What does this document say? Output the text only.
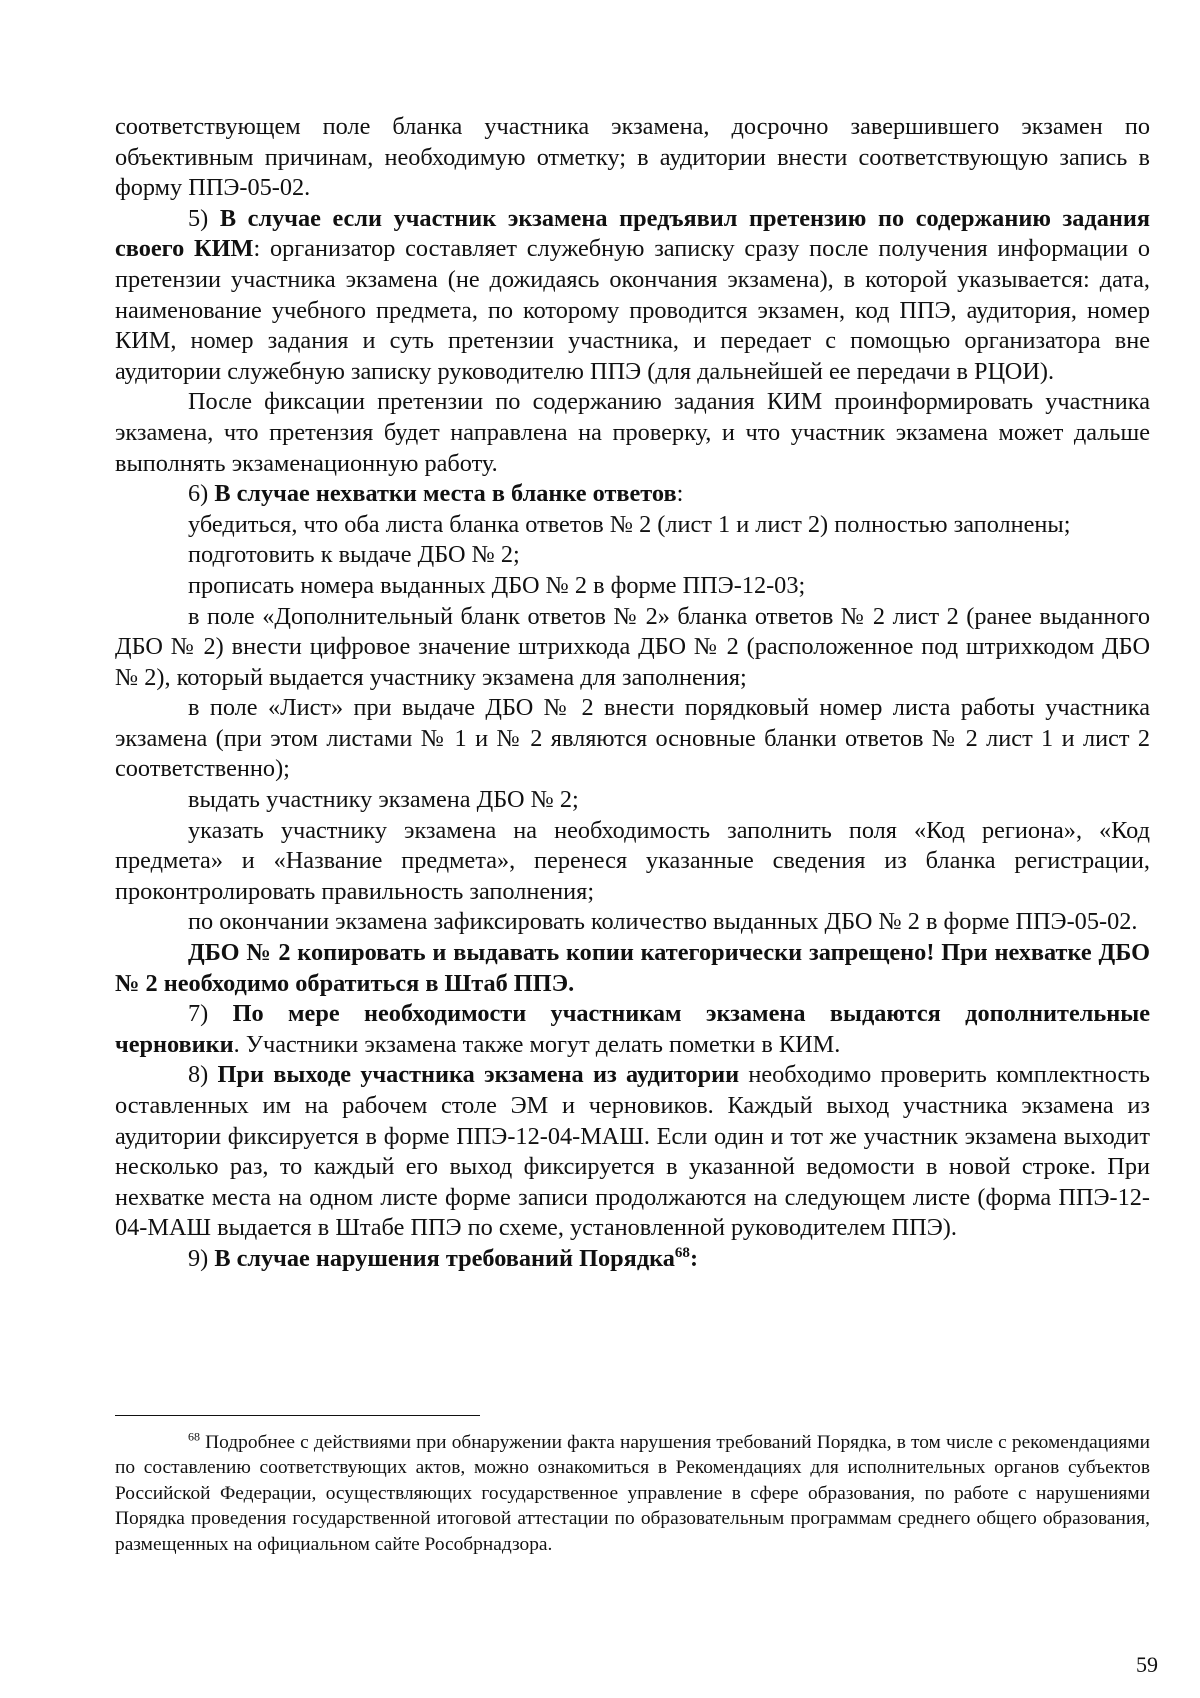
соответствующем поле бланка участника экзамена, досрочно завершившего экзамен по объективным причинам, необходимую отметку; в аудитории внести соответствующую запись в форму ППЭ-05-02.

5) В случае если участник экзамена предъявил претензию по содержанию задания своего КИМ: организатор составляет служебную записку сразу после получения информации о претензии участника экзамена (не дожидаясь окончания экзамена), в которой указывается: дата, наименование учебного предмета, по которому проводится экзамен, код ППЭ, аудитория, номер КИМ, номер задания и суть претензии участника, и передает с помощью организатора вне аудитории служебную записку руководителю ППЭ (для дальнейшей ее передачи в РЦОИ).

После фиксации претензии по содержанию задания КИМ проинформировать участника экзамена, что претензия будет направлена на проверку, и что участник экзамена может дальше выполнять экзаменационную работу.

6) В случае нехватки места в бланке ответов:

убедиться, что оба листа бланка ответов № 2 (лист 1 и лист 2) полностью заполнены;

подготовить к выдаче ДБО № 2;

прописать номера выданных ДБО № 2 в форме ППЭ-12-03;

в поле «Дополнительный бланк ответов № 2» бланка ответов № 2 лист 2 (ранее выданного ДБО № 2) внести цифровое значение штрихкода ДБО № 2 (расположенное под штрихкодом ДБО № 2), который выдается участнику экзамена для заполнения;

в поле «Лист» при выдаче ДБО № 2 внести порядковый номер листа работы участника экзамена (при этом листами № 1 и № 2 являются основные бланки ответов № 2 лист 1 и лист 2 соответственно);

выдать участнику экзамена ДБО № 2;

указать участнику экзамена на необходимость заполнить поля «Код региона», «Код предмета» и «Название предмета», перенеся указанные сведения из бланка регистрации, проконтролировать правильность заполнения;

по окончании экзамена зафиксировать количество выданных ДБО № 2 в форме ППЭ-05-02.

ДБО № 2 копировать и выдавать копии категорически запрещено! При нехватке ДБО № 2 необходимо обратиться в Штаб ППЭ.

7) По мере необходимости участникам экзамена выдаются дополнительные черновики. Участники экзамена также могут делать пометки в КИМ.

8) При выходе участника экзамена из аудитории необходимо проверить комплектность оставленных им на рабочем столе ЭМ и черновиков. Каждый выход участника экзамена из аудитории фиксируется в форме ППЭ-12-04-МАШ. Если один и тот же участник экзамена выходит несколько раз, то каждый его выход фиксируется в указанной ведомости в новой строке. При нехватке места на одном листе форме записи продолжаются на следующем листе (форма ППЭ-12-04-МАШ выдается в Штабе ППЭ по схеме, установленной руководителем ППЭ).

9) В случае нарушения требований Порядка$^{68}$:

$^{68}$ Подробнее с действиями при обнаружении факта нарушения требований Порядка, в том числе с рекомендациями по составлению соответствующих актов, можно ознакомиться в Рекомендациях для исполнительных органов субъектов Российской Федерации, осуществляющих государственное управление в сфере образования, по работе с нарушениями Порядка проведения государственной итоговой аттестации по образовательным программам среднего общего образования, размещенных на официальном сайте Рособрнадзора.

59
